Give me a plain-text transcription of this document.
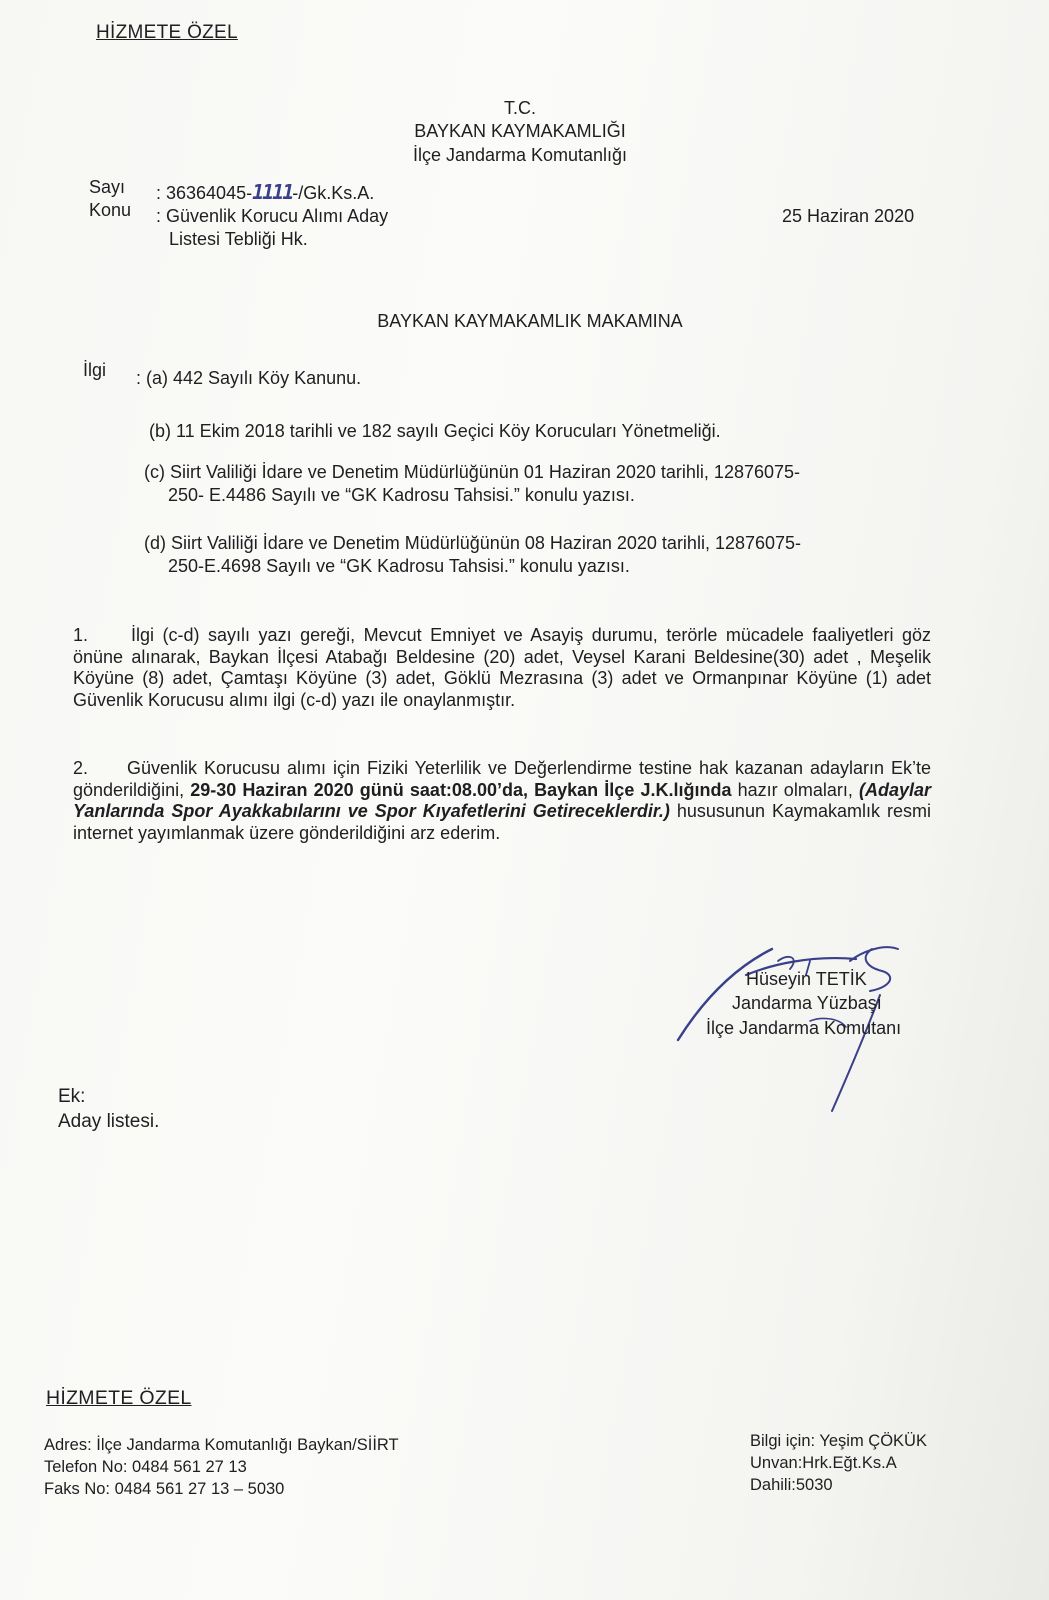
HİZMETE ÖZEL
T.C.
BAYKAN KAYMAKAMLIĞI
İlçe Jandarma Komutanlığı
Sayı : 36364045-1111-/Gk.Ks.A.
Konu : Güvenlik Korucu Alımı Aday
Listesi Tebliği Hk.
25 Haziran 2020
BAYKAN KAYMAKAMLIK MAKAMINA
İlgi : (a) 442 Sayılı Köy Kanunu.
(b) 11 Ekim 2018 tarihli ve 182 sayılı Geçici Köy Korucuları Yönetmeliği.
(c) Siirt Valiliği İdare ve Denetim Müdürlüğünün 01 Haziran 2020 tarihli, 12876075-
250- E.4486 Sayılı ve “GK Kadrosu Tahsisi.” konulu yazısı.
(d) Siirt Valiliği İdare ve Denetim Müdürlüğünün 08 Haziran 2020 tarihli, 12876075-
250-E.4698 Sayılı ve “GK Kadrosu Tahsisi.” konulu yazısı.
1. İlgi (c-d) sayılı yazı gereği, Mevcut Emniyet ve Asayiş durumu, terörle mücadele faaliyetleri göz önüne alınarak, Baykan İlçesi Atabağı Beldesine (20) adet, Veysel Karani Beldesine(30) adet , Meşelik Köyüne (8) adet, Çamtaşı Köyüne (3) adet, Göklü Mezrasına (3) adet ve Ormanpınar Köyüne (1) adet Güvenlik Korucusu alımı ilgi (c-d) yazı ile onaylanmıştır.
2. Güvenlik Korucusu alımı için Fiziki Yeterlilik ve Değerlendirme testine hak kazanan adayların Ek’te gönderildiğini, 29-30 Haziran 2020 günü saat:08.00’da, Baykan İlçe J.K.lığında hazır olmaları, (Adaylar Yanlarında Spor Ayakkabılarını ve Spor Kıyafetlerini Getireceklerdir.) hususunun Kaymakamlık resmi internet yayımlanmak üzere gönderildiğini arz ederim.
Hüseyin TETİK
Jandarma Yüzbaşı
İlçe Jandarma Komutanı
Ek:
Aday listesi.
HİZMETE ÖZEL
Adres: İlçe Jandarma Komutanlığı Baykan/SİİRT
Telefon No: 0484 561 27 13
Faks No: 0484 561 27 13 – 5030
Bilgi için: Yeşim ÇÖKÜK
Unvan:Hrk.Eğt.Ks.A
Dahili:5030
